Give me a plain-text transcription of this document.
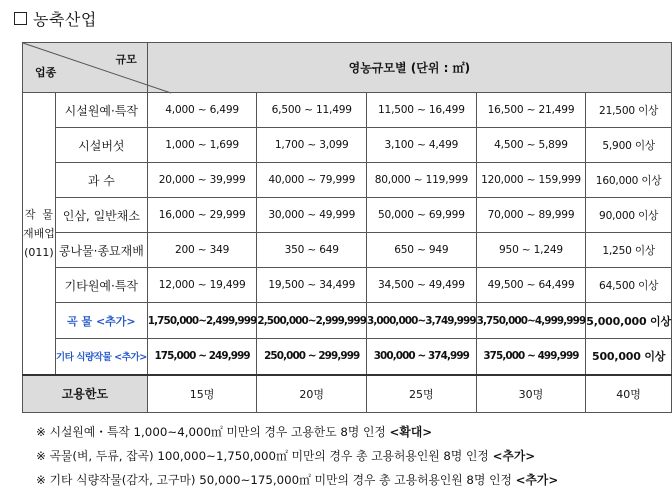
농축산업
규모
업종		영농규모별 (단위 : ㎡)				

작  물
재배업
(011)	시설원예·특작	4,000 ~ 6,499	6,500 ~ 11,499	11,500 ~ 16,499	16,500 ~ 21,499	21,500 이상
	시설버섯	1,000 ~ 1,699	1,700 ~ 3,099	3,100 ~ 4,499	4,500 ~ 5,899	5,900 이상
	과 수	20,000 ~ 39,999	40,000 ~ 79,999	80,000 ~ 119,999	120,000 ~ 159,999	160,000 이상
	인삼, 일반채소	16,000 ~ 29,999	30,000 ~ 49,999	50,000 ~ 69,999	70,000 ~ 89,999	90,000 이상
	콩나물·종묘재배	200 ~ 349	350 ~ 649	650 ~ 949	950 ~ 1,249	1,250 이상
	기타원예·특작	12,000 ~ 19,499	19,500 ~ 34,499	34,500 ~ 49,499	49,500 ~ 64,499	64,500 이상
	곡 물 <추가>	1,750,000~2,499,999	2,500,000~2,999,999	3,000,000~3,749,999	3,750,000~4,999,999	5,000,000 이상
	기타 식량작물 <추가>	175,000 ~ 249,999	250,000 ~ 299,999	300,000 ~ 374,999	375,000 ~ 499,999	500,000 이상
고용한도		15명	20명	25명	30명	40명
※ 시설원예・특작 1,000~4,000㎡ 미만의 경우 고용한도 8명 인정 <확대>
※ 곡물(벼, 두류, 잡곡) 100,000~1,750,000㎡ 미만의 경우 총 고용허용인원 8명 인정 <추가>
※ 기타 식량작물(감자, 고구마) 50,000~175,000㎡ 미만의 경우 총 고용허용인원 8명 인정 <추가>
